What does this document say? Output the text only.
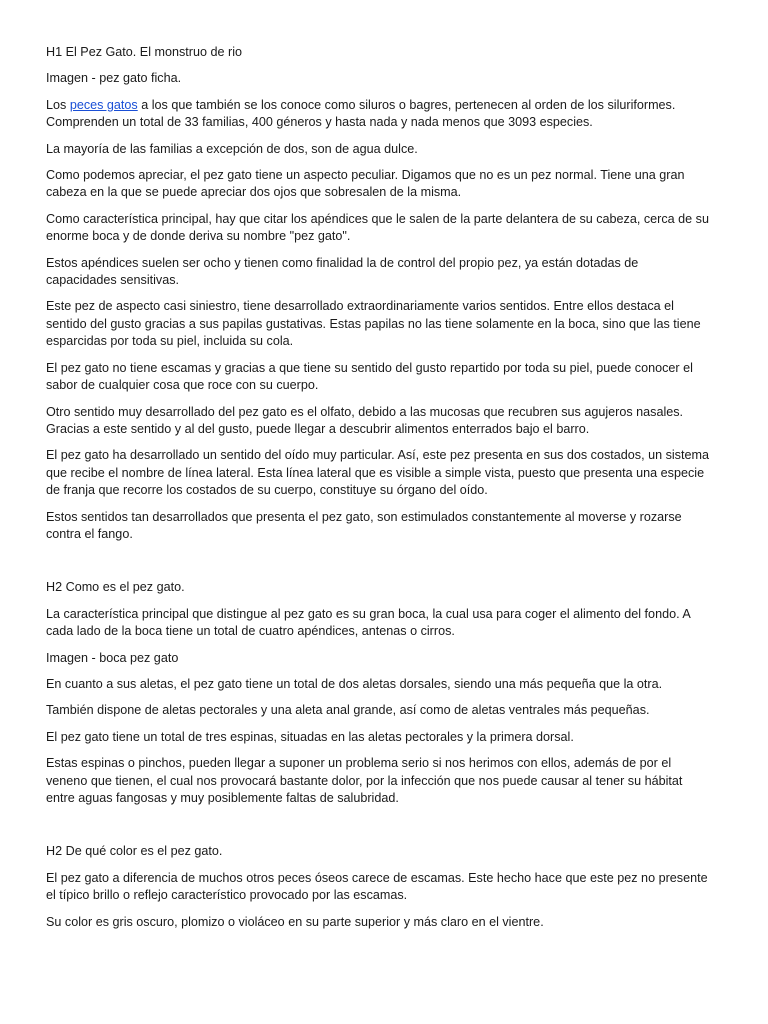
H1 El Pez Gato. El monstruo de rio

Imagen - pez gato ficha.

Los peces gatos a los que también se los conoce como siluros o bagres, pertenecen al orden de los siluriformes.
Comprenden un total de 33 familias, 400 géneros y hasta nada y nada menos que 3093 especies.

La mayoría de las familias a excepción de dos, son de agua dulce.

Como podemos apreciar, el pez gato tiene un aspecto peculiar. Digamos que no es un pez normal. Tiene una gran
cabeza en la que se puede apreciar dos ojos que sobresalen de la misma.

Como característica principal, hay que citar los apéndices que le salen de la parte delantera de su cabeza, cerca de su
enorme boca y de donde deriva su nombre "pez gato".

Estos apéndices suelen ser ocho y tienen como finalidad la de control del propio pez, ya están dotadas de
capacidades sensitivas.

Este pez de aspecto casi siniestro, tiene desarrollado extraordinariamente varios sentidos. Entre ellos destaca el
sentido del gusto gracias a sus papilas gustativas. Estas papilas no las tiene solamente en la boca, sino que las tiene
esparcidas por toda su piel, incluida su cola.

El pez gato no tiene escamas y gracias a que tiene su sentido del gusto repartido por toda su piel, puede conocer el
sabor de cualquier cosa que roce con su cuerpo.

Otro sentido muy desarrollado del pez gato es el olfato, debido a las mucosas que recubren sus agujeros nasales.
Gracias a este sentido y al del gusto, puede llegar a descubrir alimentos enterrados bajo el barro.

El pez gato ha desarrollado un sentido del oído muy particular. Así, este pez presenta en sus dos costados, un sistema
que recibe el nombre de línea lateral. Esta línea lateral que es visible a simple vista, puesto que presenta una especie
de franja que recorre los costados de su cuerpo, constituye su órgano del oído.

Estos sentidos tan desarrollados que presenta el pez gato, son estimulados constantemente al moverse y rozarse
contra el fango.

H2 Como es el pez gato.

La característica principal que distingue al pez gato es su gran boca, la cual usa para coger el alimento del fondo. A
cada lado de la boca tiene un total de cuatro apéndices, antenas o cirros.

Imagen - boca pez gato

En cuanto a sus aletas, el pez gato tiene un total de dos aletas dorsales, siendo una más pequeña que la otra.

También dispone de aletas pectorales y una aleta anal grande, así como de aletas ventrales más pequeñas.

El pez gato tiene un total de tres espinas, situadas en las aletas pectorales y la primera dorsal.

Estas espinas o pinchos, pueden llegar a suponer un problema serio si nos herimos con ellos, además de por el
veneno que tienen, el cual nos provocará bastante dolor, por la infección que nos puede causar al tener su hábitat
entre aguas fangosas y muy posiblemente faltas de salubridad.

H2 De qué color es el pez gato.

El pez gato a diferencia de muchos otros peces óseos carece de escamas. Este hecho hace que este pez no presente
el típico brillo o reflejo característico provocado por las escamas.

Su color es gris oscuro, plomizo o violáceo en su parte superior y más claro en el vientre.
